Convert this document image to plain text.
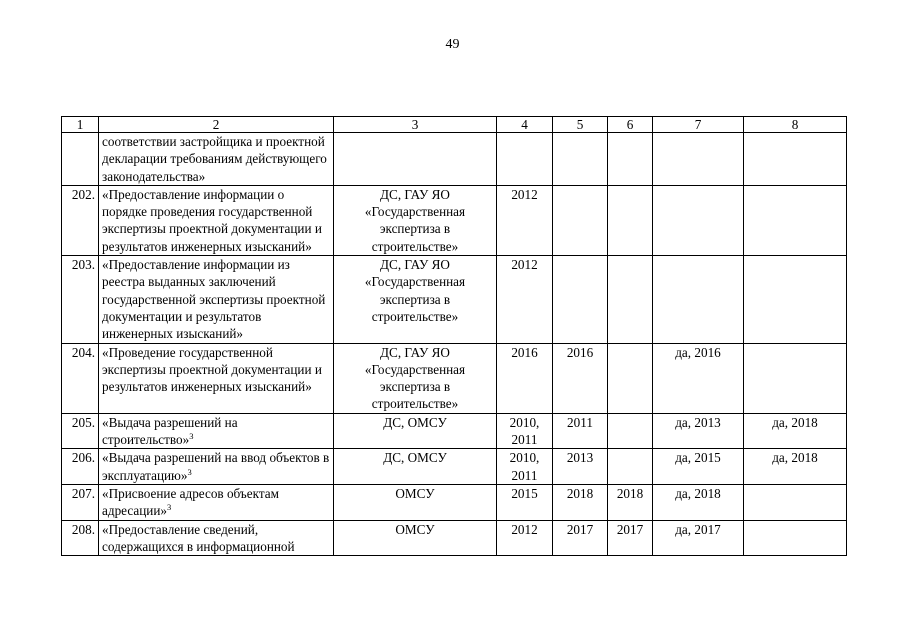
49
1	2	3	4	5	6	7	8
	соответствии застройщика и проектной декларации требованиям действующего законодательства»						
202.	«Предоставление информации о порядке проведения государственной экспертизы проектной документации и результатов инженерных изысканий»	ДС, ГАУ ЯО «Государственная экспертиза в строительстве»	2012				
203.	«Предоставление информации из реестра выданных заключений государственной экспертизы проектной документации и результатов инженерных изысканий»	ДС, ГАУ ЯО «Государственная экспертиза в строительстве»	2012				
204.	«Проведение государственной экспертизы проектной документации и результатов инженерных изысканий»	ДС, ГАУ ЯО «Государственная экспертиза в строительстве»	2016	2016		да, 2016	
205.	«Выдача разрешений на строительство»$^3$	ДС, ОМСУ	2010, 2011	2011		да, 2013	да, 2018
206.	«Выдача разрешений на ввод объектов в эксплуатацию»$^3$	ДС, ОМСУ	2010, 2011	2013		да, 2015	да, 2018
207.	«Присвоение адресов объектам адресации»$^3$	ОМСУ	2015	2018	2018	да, 2018	
208.	«Предоставление сведений, содержащихся в информационной	ОМСУ	2012	2017	2017	да, 2017	
